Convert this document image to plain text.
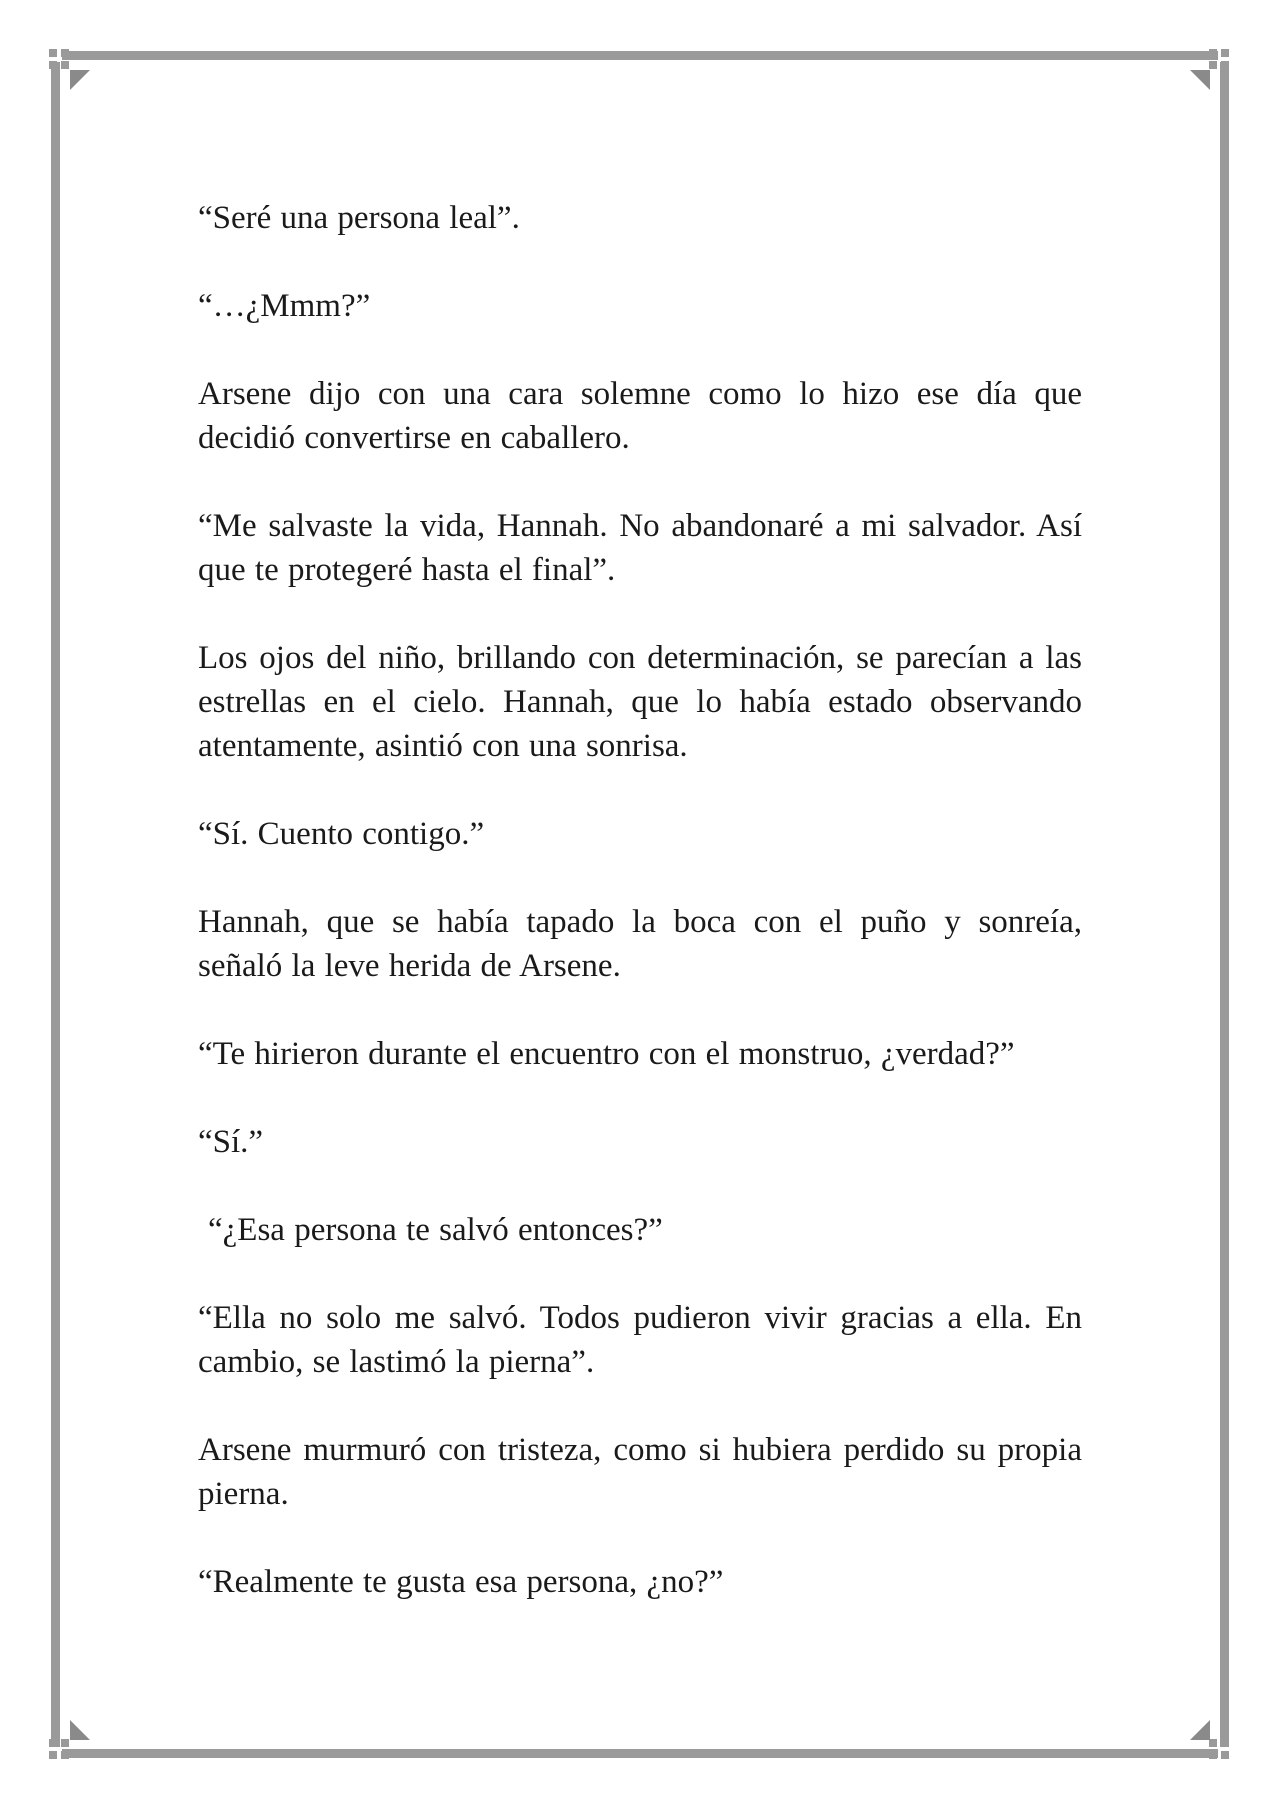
“Seré una persona leal”.

“…¿Mmm?”

Arsene dijo con una cara solemne como lo hizo ese día que decidió convertirse en caballero.

“Me salvaste la vida, Hannah. No abandonaré a mi salvador. Así que te protegeré hasta el final”.

Los ojos del niño, brillando con determinación, se parecían a las estrellas en el cielo. Hannah, que lo había estado observando atentamente, asintió con una sonrisa.

“Sí. Cuento contigo.”

Hannah, que se había tapado la boca con el puño y sonreía, señaló la leve herida de Arsene.

“Te hirieron durante el encuentro con el monstruo, ¿verdad?”

“Sí.”

“¿Esa persona te salvó entonces?”

“Ella no solo me salvó. Todos pudieron vivir gracias a ella. En cambio, se lastimó la pierna”.

Arsene murmuró con tristeza, como si hubiera perdido su propia pierna.

“Realmente te gusta esa persona, ¿no?”
